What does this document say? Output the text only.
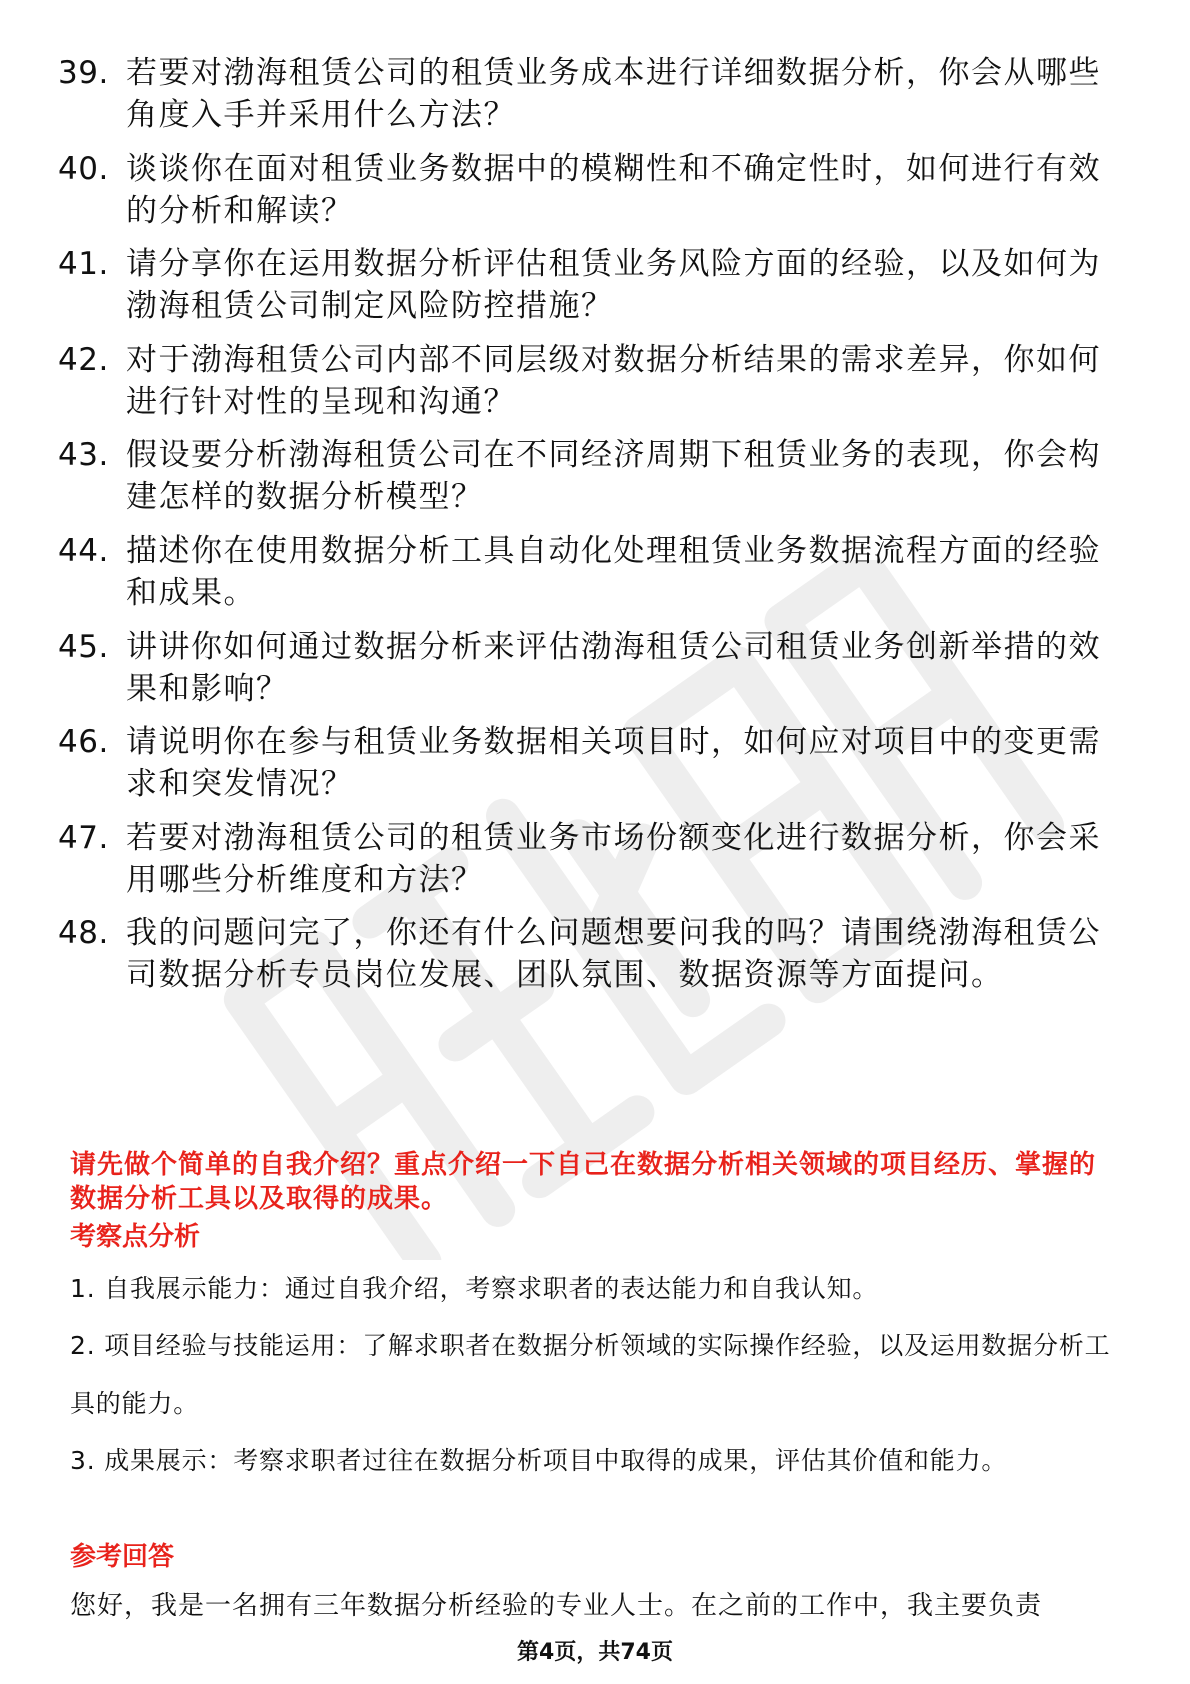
39. 若要对渤海租赁公司的租赁业务成本进行详细数据分析，你会从哪些角度入手并采用什么方法？
40. 谈谈你在面对租赁业务数据中的模糊性和不确定性时，如何进行有效的分析和解读？
41. 请分享你在运用数据分析评估租赁业务风险方面的经验，以及如何为渤海租赁公司制定风险防控措施？
42. 对于渤海租赁公司内部不同层级对数据分析结果的需求差异，你如何进行针对性的呈现和沟通？
43. 假设要分析渤海租赁公司在不同经济周期下租赁业务的表现，你会构建怎样的数据分析模型？
44. 描述你在使用数据分析工具自动化处理租赁业务数据流程方面的经验和成果。
45. 讲讲你如何通过数据分析来评估渤海租赁公司租赁业务创新举措的效果和影响？
46. 请说明你在参与租赁业务数据相关项目时，如何应对项目中的变更需求和突发情况？
47. 若要对渤海租赁公司的租赁业务市场份额变化进行数据分析，你会采用哪些分析维度和方法？
48. 我的问题问完了，你还有什么问题想要问我的吗？请围绕渤海租赁公司数据分析专员岗位发展、团队氛围、数据资源等方面提问。
请先做个简单的自我介绍？重点介绍一下自己在数据分析相关领域的项目经历、掌握的数据分析工具以及取得的成果。
考察点分析
1. 自我展示能力：通过自我介绍，考察求职者的表达能力和自我认知。
2. 项目经验与技能运用：了解求职者在数据分析领域的实际操作经验，以及运用数据分析工具的能力。
3. 成果展示：考察求职者过往在数据分析项目中取得的成果，评估其价值和能力。
参考回答
您好，我是一名拥有三年数据分析经验的专业人士。在之前的工作中，我主要负责
第4页，共74页
